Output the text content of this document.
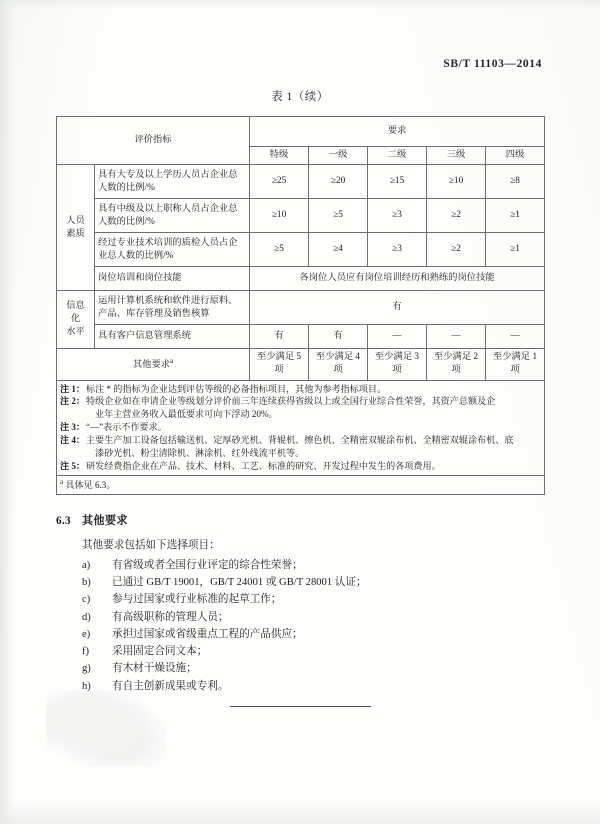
SB/T 11103—2014
表 1（续）
评价指标		要求				
		特级	一级	二级	三级	四级
人员
素质	具有大专及以上学历人员占企业总人数的比例/%	≥25	≥20	≥15	≥10	≥8
	具有中级及以上职称人员占企业总人数的比例/%	≥10	≥5	≥3	≥2	≥1
	经过专业技术培训的质检人员占企业总人数的比例/%	≥5	≥4	≥3	≥2	≥1
	岗位培训和岗位技能	各岗位人员应有岗位培训经历和熟练的岗位技能				
信息
化
水平	运用计算机系统和软件进行原料、产品、库存管理及销售核算	有				
	具有客户信息管理系统	有	有	—	—	—
其他要求$^a$		至少满足 5 项	至少满足 4 项	至少满足 3 项	至少满足 2 项	至少满足 1 项

注 1： 标注 * 的指标为企业达到评估等级的必备指标项目，其他为参考指标项目。
注 2： 特级企业如在申请企业等级划分评价前三年连续获得省级以上或全国行业综合性荣誉，其资产总额及企
业年主营业务收入最低要求可向下浮动 20%。
注 3： “—”表示不作要求。
注 4： 主要生产加工设备包括输送机、定厚砂光机、背辊机、擦色机、全精密双辊涂布机、全精密双辊涂布机、底
漆砂光机、粉尘清除机、淋涂机、红外线流平机等。
注 5： 研发经费指企业在产品、技术、材料、工艺、标准的研究、开发过程中发生的各项费用。

$^a$ 具体见 6.3。						
6.3 其他要求
其他要求包括如下选择项目：
a)	有省级或者全国行业评定的综合性荣誉；
b)	已通过 GB/T 19001，GB/T 24001 或 GB/T 28001 认证；
c)	参与过国家或行业标准的起草工作；
d)	有高级职称的管理人员；
e)	承担过国家或省级重点工程的产品供应；
f)	采用固定合同文本；
g)	有木材干燥设施；
h)	有自主创新成果或专利。
